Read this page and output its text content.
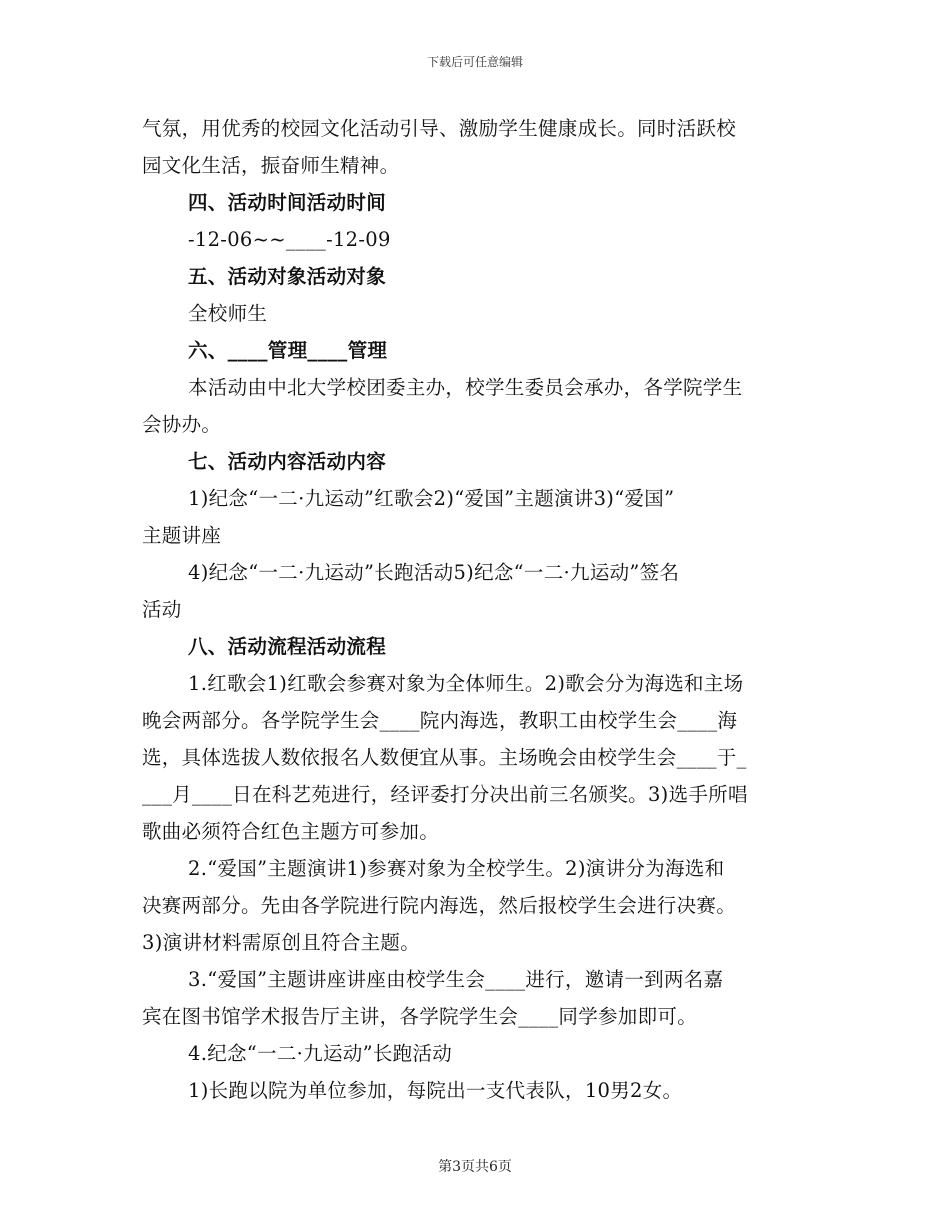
下载后可任意编辑
气氛，用优秀的校园文化活动引导、激励学生健康成长。同时活跃校
园文化生活，振奋师生精神。
四、活动时间活动时间
-12-06~~____-12-09
五、活动对象活动对象
全校师生
六、____管理____管理
本活动由中北大学校团委主办，校学生委员会承办，各学院学生
会协办。
七、活动内容活动内容
1)纪念“一二·九运动”红歌会2)“爱国”主题演讲3)“爱国”
主题讲座
4)纪念“一二·九运动”长跑活动5)纪念“一二·九运动”签名
活动
八、活动流程活动流程
1.红歌会1)红歌会参赛对象为全体师生。2)歌会分为海选和主场
晚会两部分。各学院学生会____院内海选，教职工由校学生会____海
选，具体选拔人数依报名人数便宜从事。主场晚会由校学生会____于_
___月____日在科艺苑进行，经评委打分决出前三名颁奖。3)选手所唱
歌曲必须符合红色主题方可参加。
2.“爱国”主题演讲1)参赛对象为全校学生。2)演讲分为海选和
决赛两部分。先由各学院进行院内海选，然后报校学生会进行决赛。
3)演讲材料需原创且符合主题。
3.“爱国”主题讲座讲座由校学生会____进行，邀请一到两名嘉
宾在图书馆学术报告厅主讲，各学院学生会____同学参加即可。
4.纪念“一二·九运动”长跑活动
1)长跑以院为单位参加，每院出一支代表队，10男2女。
第3页共6页
